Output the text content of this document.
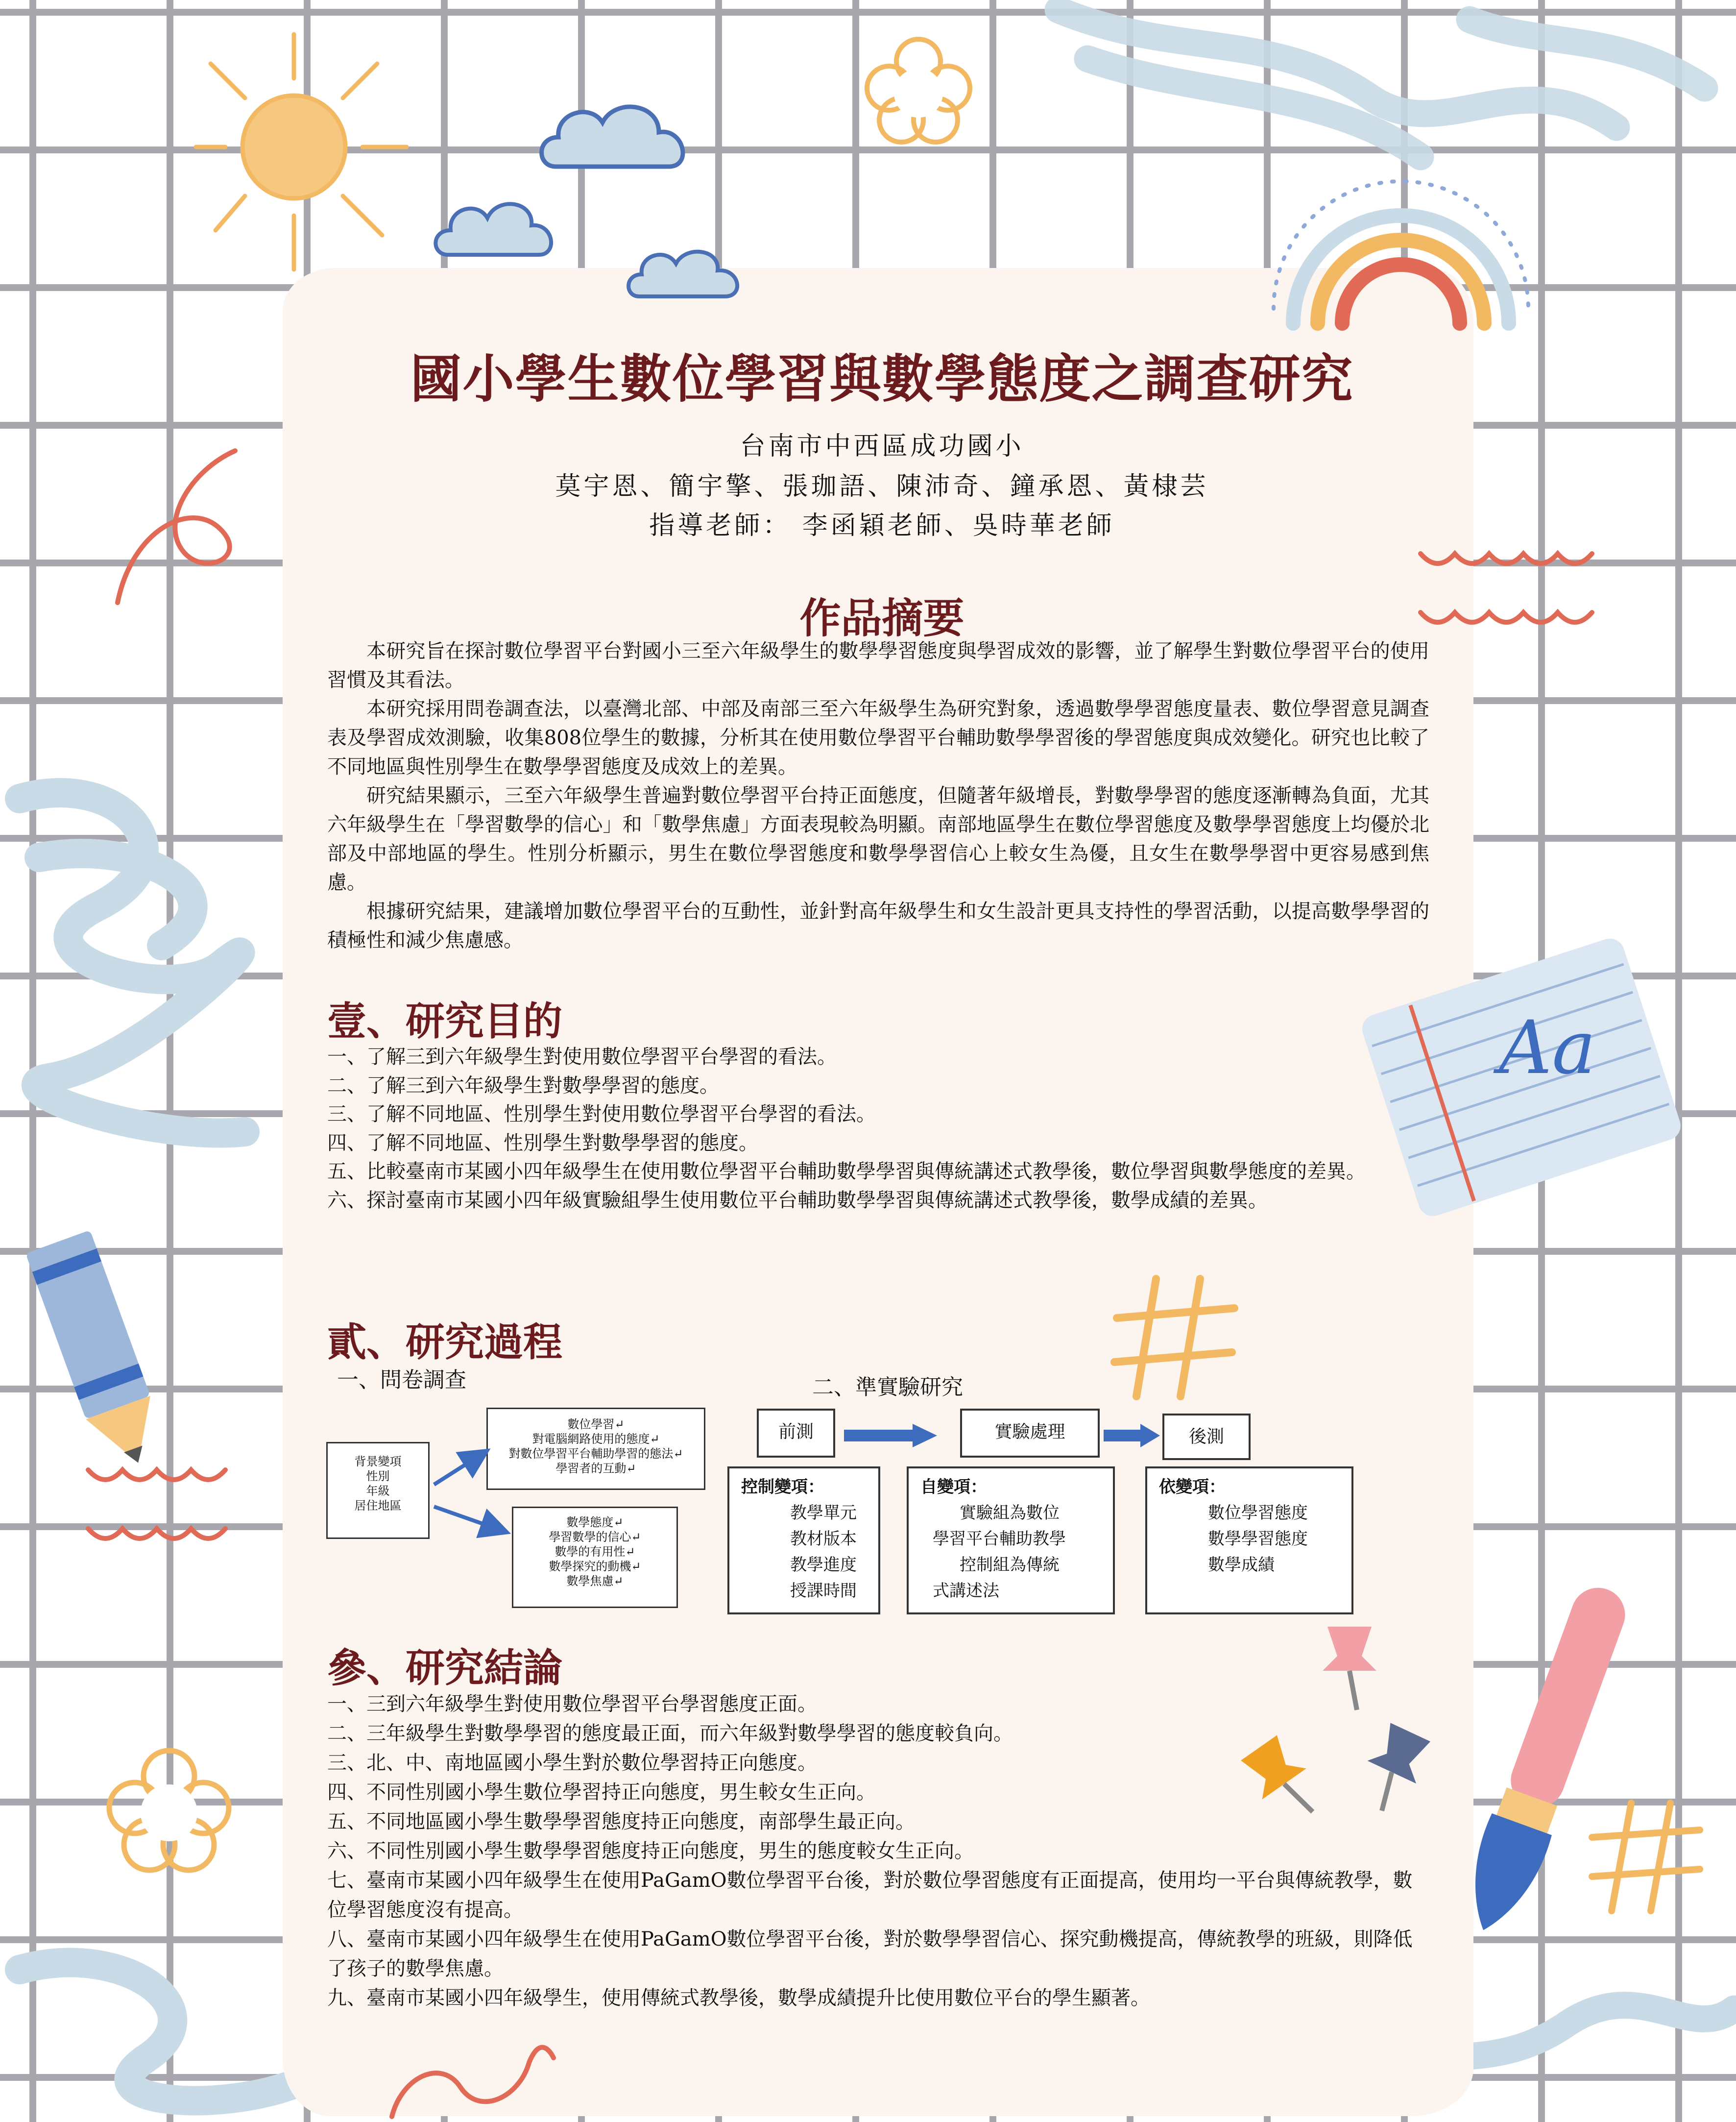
Aa
國小學生數位學習與數學態度之調查研究
台南市中西區成功國小
莫宇恩、簡宇擎、張珈語、陳沛奇、鐘承恩、黃棣芸
指導老師： 李函穎老師、吳時華老師
作品摘要

本研究旨在探討數位學習平台對國小三至六年級學生的數學學習態度與學習成效的影響，並了解學生對數位學習平台的使用習慣及其看法。

本研究採用問卷調查法，以臺灣北部、中部及南部三至六年級學生為研究對象，透過數學學習態度量表、數位學習意見調查表及學習成效測驗，收集808位學生的數據，分析其在使用數位學習平台輔助數學學習後的學習態度與成效變化。研究也比較了不同地區與性別學生在數學學習態度及成效上的差異。

研究結果顯示，三至六年級學生普遍對數位學習平台持正面態度，但隨著年級增長，對數學學習的態度逐漸轉為負面，尤其六年級學生在「學習數學的信心」和「數學焦慮」方面表現較為明顯。南部地區學生在數位學習態度及數學學習態度上均優於北部及中部地區的學生。性別分析顯示，男生在數位學習態度和數學學習信心上較女生為優，且女生在數學學習中更容易感到焦慮。

根據研究結果，建議增加數位學習平台的互動性，並針對高年級學生和女生設計更具支持性的學習活動，以提高數學學習的積極性和減少焦慮感。

壹、研究目的
一、了解三到六年級學生對使用數位學習平台學習的看法。
二、了解三到六年級學生對數學學習的態度。
三、了解不同地區、性別學生對使用數位學習平台學習的看法。
四、了解不同地區、性別學生對數學學習的態度。
五、比較臺南市某國小四年級學生在使用數位學習平台輔助數學學習與傳統講述式教學後，數位學習與數學態度的差異。
六、探討臺南市某國小四年級實驗組學生使用數位平台輔助數學學習與傳統講述式教學後，數學成績的差異。
貳、研究過程
一、問卷調查	二、準實驗研究
背景變項
性別
年級
居住地區
數位學習↵
對電腦網路使用的態度↵
對數位學習平台輔助學習的態法↵
學習者的互動↵
數學態度↵
學習數學的信心↵
數學的有用性↵
數學探究的動機↵
數學焦慮↵
前測	實驗處理	後測
控制變項：
教學單元
教材版本
教學進度
授課時間
自變項：
實驗組為數位
學習平台輔助教學
控制組為傳統
式講述法
依變項：
數位學習態度
數學學習態度
數學成績
參、研究結論
一、三到六年級學生對使用數位學習平台學習態度正面。
二、三年級學生對數學學習的態度最正面，而六年級對數學學習的態度較負向。
三、北、中、南地區國小學生對於數位學習持正向態度。
四、不同性別國小學生數位學習持正向態度，男生較女生正向。
五、不同地區國小學生數學學習態度持正向態度，南部學生最正向。
六、不同性別國小學生數學學習態度持正向態度，男生的態度較女生正向。
七、臺南市某國小四年級學生在使用PaGamO數位學習平台後，對於數位學習態度有正面提高，使用均一平台與傳統教學，數位學習態度沒有提高。
八、臺南市某國小四年級學生在使用PaGamO數位學習平台後，對於數學學習信心、探究動機提高，傳統教學的班級，則降低了孩子的數學焦慮。
九、臺南市某國小四年級學生，使用傳統式教學後，數學成績提升比使用數位平台的學生顯著。
